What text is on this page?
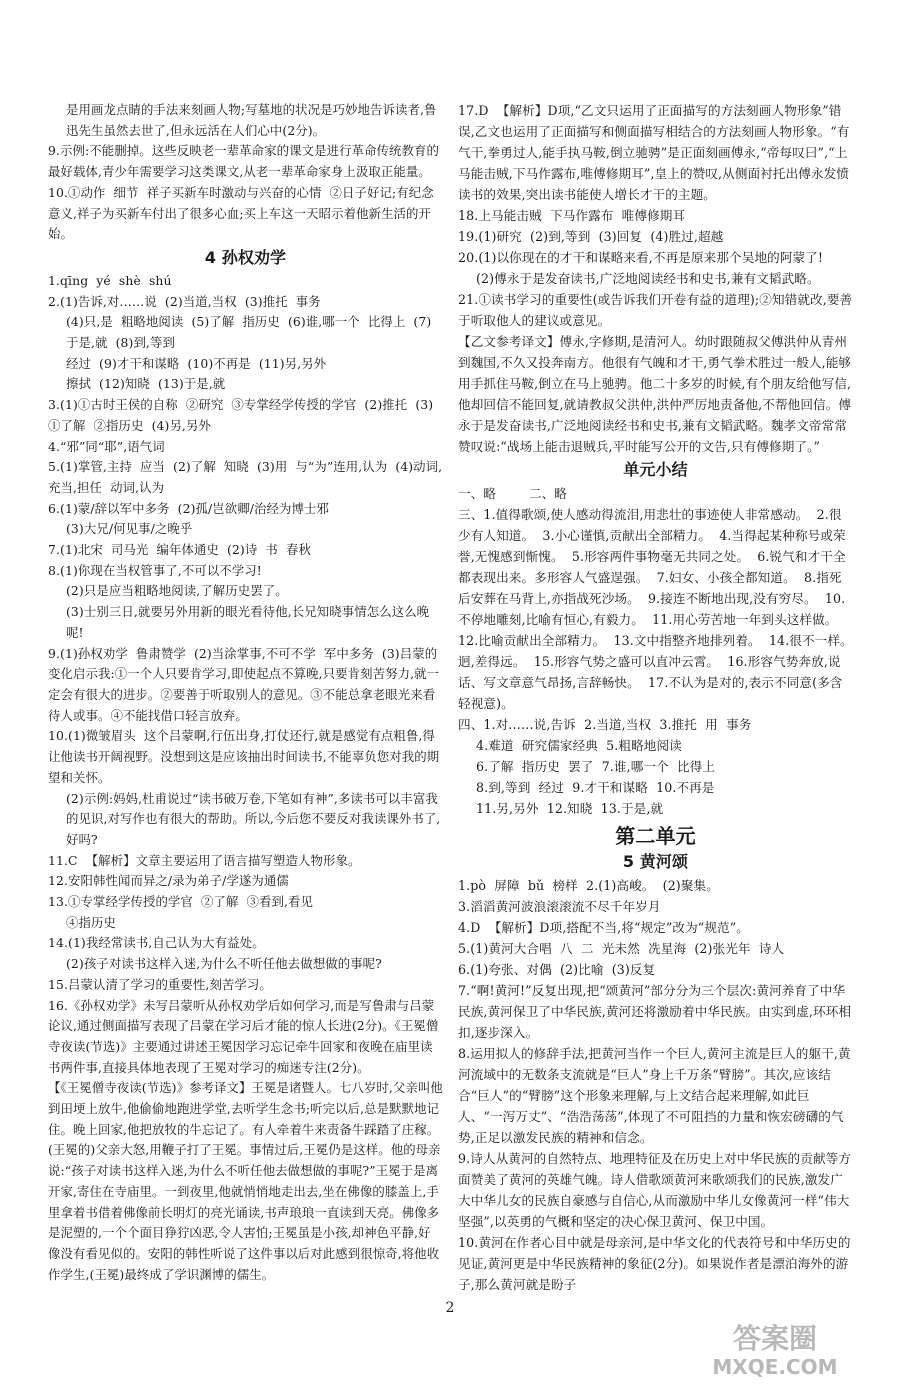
是用画龙点睛的手法来刻画人物;写墓地的状况是巧妙地告诉读者,鲁迅先生虽然去世了,但永远活在人们心中(2分)。
9.示例:不能删掉。这些反映老一辈革命家的课文是进行革命传统教育的最好载体,青少年需要学习这类课文,从老一辈革命家身上汲取正能量。
10.①动作  细节  祥子买新车时激动与兴奋的心情  ②日子好记;有纪念意义,祥子为买新车付出了很多心血;买上车这一天昭示着他新生活的开始。
4 孙权劝学
1.qīng  yé  shè  shú
2.(1)告诉,对……说  (2)当道,当权  (3)推托  事务
(4)只,是  粗略地阅读  (5)了解  指历史  (6)谁,哪一个  比得上  (7)于是,就  (8)到,等到
经过  (9)才干和谋略  (10)不再是  (11)另,另外
擦拭  (12)知晓  (13)于是,就
3.(1)①古时王侯的自称  ②研究  ③专掌经学传授的学官  (2)推托  (3)①了解  ②指历史  (4)另,另外
4.“邪”同“耶”,语气词
5.(1)掌管,主持  应当  (2)了解  知晓  (3)用  与“为”连用,认为  (4)动词,充当,担任  动词,认为
6.(1)蒙/辞以军中多务  (2)孤/岂欲卿/治经为博士邪
(3)大兄/何见事/之晚乎
7.(1)北宋  司马光  编年体通史  (2)诗  书  春秋
8.(1)你现在当权管事了,不可以不学习!
(2)只是应当粗略地阅读,了解历史罢了。
(3)士别三日,就要另外用新的眼光看待他,长兄知晓事情怎么这么晚呢!
9.(1)孙权劝学  鲁肃赞学  (2)当涂掌事,不可不学  军中多务  (3)吕蒙的变化启示我:①一个人只要肯学习,即使起点不算晚,只要肯刻苦努力,就一定会有很大的进步。②要善于听取别人的意见。③不能总拿老眼光来看待人或事。④不能找借口轻言放弃。
10.(1)微皱眉头  这个吕蒙啊,行伍出身,打仗还行,就是感觉有点粗鲁,得让他读书开阔视野。没想到这是应该抽出时间读书,不能辜负您对我的期望和关怀。
(2)示例:妈妈,杜甫说过“读书破万卷,下笔如有神”,多读书可以丰富我的见识,对写作也有很大的帮助。所以,今后您不要反对我读课外书了,好吗?
11.C  【解析】文章主要运用了语言描写塑造人物形象。
12.安阳韩性闻而异之/录为弟子/学遂为通儒
13.①专掌经学传授的学官  ②了解  ③看到,看见
④指历史
14.(1)我经常读书,自己认为大有益处。
(2)孩子对读书这样入迷,为什么不听任他去做想做的事呢?
15.吕蒙认清了学习的重要性,刻苦学习。
16.《孙权劝学》未写吕蒙听从孙权劝学后如何学习,而是写鲁肃与吕蒙论议,通过侧面描写表现了吕蒙在学习后才能的惊人长进(2分)。《王冕僧寺夜读(节选)》主要通过讲述王冕因学习忘记牵牛回家和夜晚在庙里读书两件事,直接具体地表现了王冕对学习的痴迷专注(2分)。
【《王冕僧寺夜读(节选)》参考译文】王冕是诸暨人。七八岁时,父亲叫他到田埂上放牛,他偷偷地跑进学堂,去听学生念书;听完以后,总是默默地记住。晚上回家,他把放牧的牛忘记了。有人牵着牛来责备牛踩踏了庄稼。(王冕的)父亲大怒,用鞭子打了王冕。事情过后,王冕仍是这样。他的母亲说:“孩子对读书这样入迷,为什么不听任他去做想做的事呢?”王冕于是离开家,寄住在寺庙里。一到夜里,他就悄悄地走出去,坐在佛像的膝盖上,手里拿着书借着佛像前长明灯的亮光诵读,书声琅琅一直读到天亮。佛像多是泥塑的,一个个面目狰狞凶恶,令人害怕;王冕虽是小孩,却神色平静,好像没有看见似的。安阳的韩性听说了这件事以后对此感到很惊奇,将他收作学生,(王冕)最终成了学识渊博的儒生。
17.D  【解析】D项,“乙文只运用了正面描写的方法刻画人物形象”错误,乙文也运用了正面描写和侧面描写相结合的方法刻画人物形象。“有气干,拳勇过人,能手执马鞍,倒立驰骋”是正面刻画傅永,“帝每叹曰”,“上马能击贼,下马作露布,唯傅修期耳”,皇上的赞叹,从侧面衬托出傅永发愤读书的效果,突出读书能使人增长才干的主题。
18.上马能击贼  下马作露布  唯傅修期耳
19.(1)研究  (2)到,等到  (3)回复  (4)胜过,超越
20.(1)以你现在的才干和谋略来看,不再是原来那个吴地的阿蒙了!
(2)傅永于是发奋读书,广泛地阅读经书和史书,兼有文韬武略。
21.①读书学习的重要性(或告诉我们开卷有益的道理);②知错就改,要善于听取他人的建议或意见。
【乙文参考译文】傅永,字修期,是清河人。幼时跟随叔父傅洪仲从青州到魏国,不久又投奔南方。他很有气魄和才干,勇气拳术胜过一般人,能够用手抓住马鞍,倒立在马上驰骋。他二十多岁的时候,有个朋友给他写信,他却回信不能回复,就请教叔父洪仲,洪仲严厉地责备他,不帮他回信。傅永于是发奋读书,广泛地阅读经书和史书,兼有文韬武略。魏孝文帝常常赞叹说:“战场上能击退贼兵,平时能写公开的文告,只有傅修期了。”
单元小结
一、略        二、略
三、1.值得歌颂,使人感动得流泪,用悲壮的事迹使人非常感动。  2.很少有人知道。  3.小心谨慎,贡献出全部精力。  4.当得起某种称号或荣誉,无愧感到惭愧。  5.形容两件事物毫无共同之处。  6.锐气和才干全都表现出来。多形容人气盛逞强。  7.妇女、小孩全都知道。  8.指死后安葬在马背上,亦指战死沙场。  9.接连不断地出现,没有穷尽。  10.不停地雕刻,比喻有恒心,有毅力。  11.用心劳苦地一年到头这样做。  12.比喻贡献出全部精力。  13.文中指整齐地排列着。  14.很不一样。迥,差得远。  15.形容气势之盛可以直冲云霄。  16.形容气势奔放,说话、写文章意气昂扬,言辞畅快。  17.不认为是对的,表示不同意(多含轻视意)。
四、1.对……说,告诉  2.当道,当权  3.推托  用  事务
4.难道  研究儒家经典  5.粗略地阅读
6.了解  指历史  罢了  7.谁,哪一个  比得上
8.到,等到  经过  9.才干和谋略  10.不再是
11.另,另外  12.知晓  13.于是,就
第二单元
5 黄河颂
1.pò  屏障  bǔ  榜样  2.(1)高峻。  (2)聚集。
3.滔滔黄河波浪滚滚流不尽千年岁月
4.D  【解析】D项,搭配不当,将“规定”改为“规范”。
5.(1)黄河大合唱  八  二  光未然  冼星海  (2)张光年  诗人
6.(1)夸张、对偶  (2)比喻  (3)反复
7.“啊!黄河!”反复出现,把“颂黄河”部分分为三个层次:黄河养育了中华民族,黄河保卫了中华民族,黄河还将激励着中华民族。由实到虚,环环相扣,逐步深入。
8.运用拟人的修辞手法,把黄河当作一个巨人,黄河主流是巨人的躯干,黄河流域中的无数条支流就是“巨人”身上千万条“臂膀”。其次,应该结合“巨人”的“臂膀”这个形象来理解,与上文结合起来理解,如此巨人、“一泻万丈”、“浩浩荡荡”,体现了不可阻挡的力量和恢宏磅礴的气势,正足以激发民族的精神和信念。
9.诗人从黄河的自然特点、地理特征及在历史上对中华民族的贡献等方面赞美了黄河的英雄气魄。诗人借歌颂黄河来歌颂我们的民族,激发广大中华儿女的民族自豪感与自信心,从而激励中华儿女像黄河一样“伟大坚强”,以英勇的气概和坚定的决心保卫黄河、保卫中国。
10.黄河在作者心目中就是母亲河,是中华文化的代表符号和中华历史的见证,黄河更是中华民族精神的象征(2分)。如果说作者是漂泊海外的游子,那么黄河就是盼子
2
答案圈
MXQE.COM
